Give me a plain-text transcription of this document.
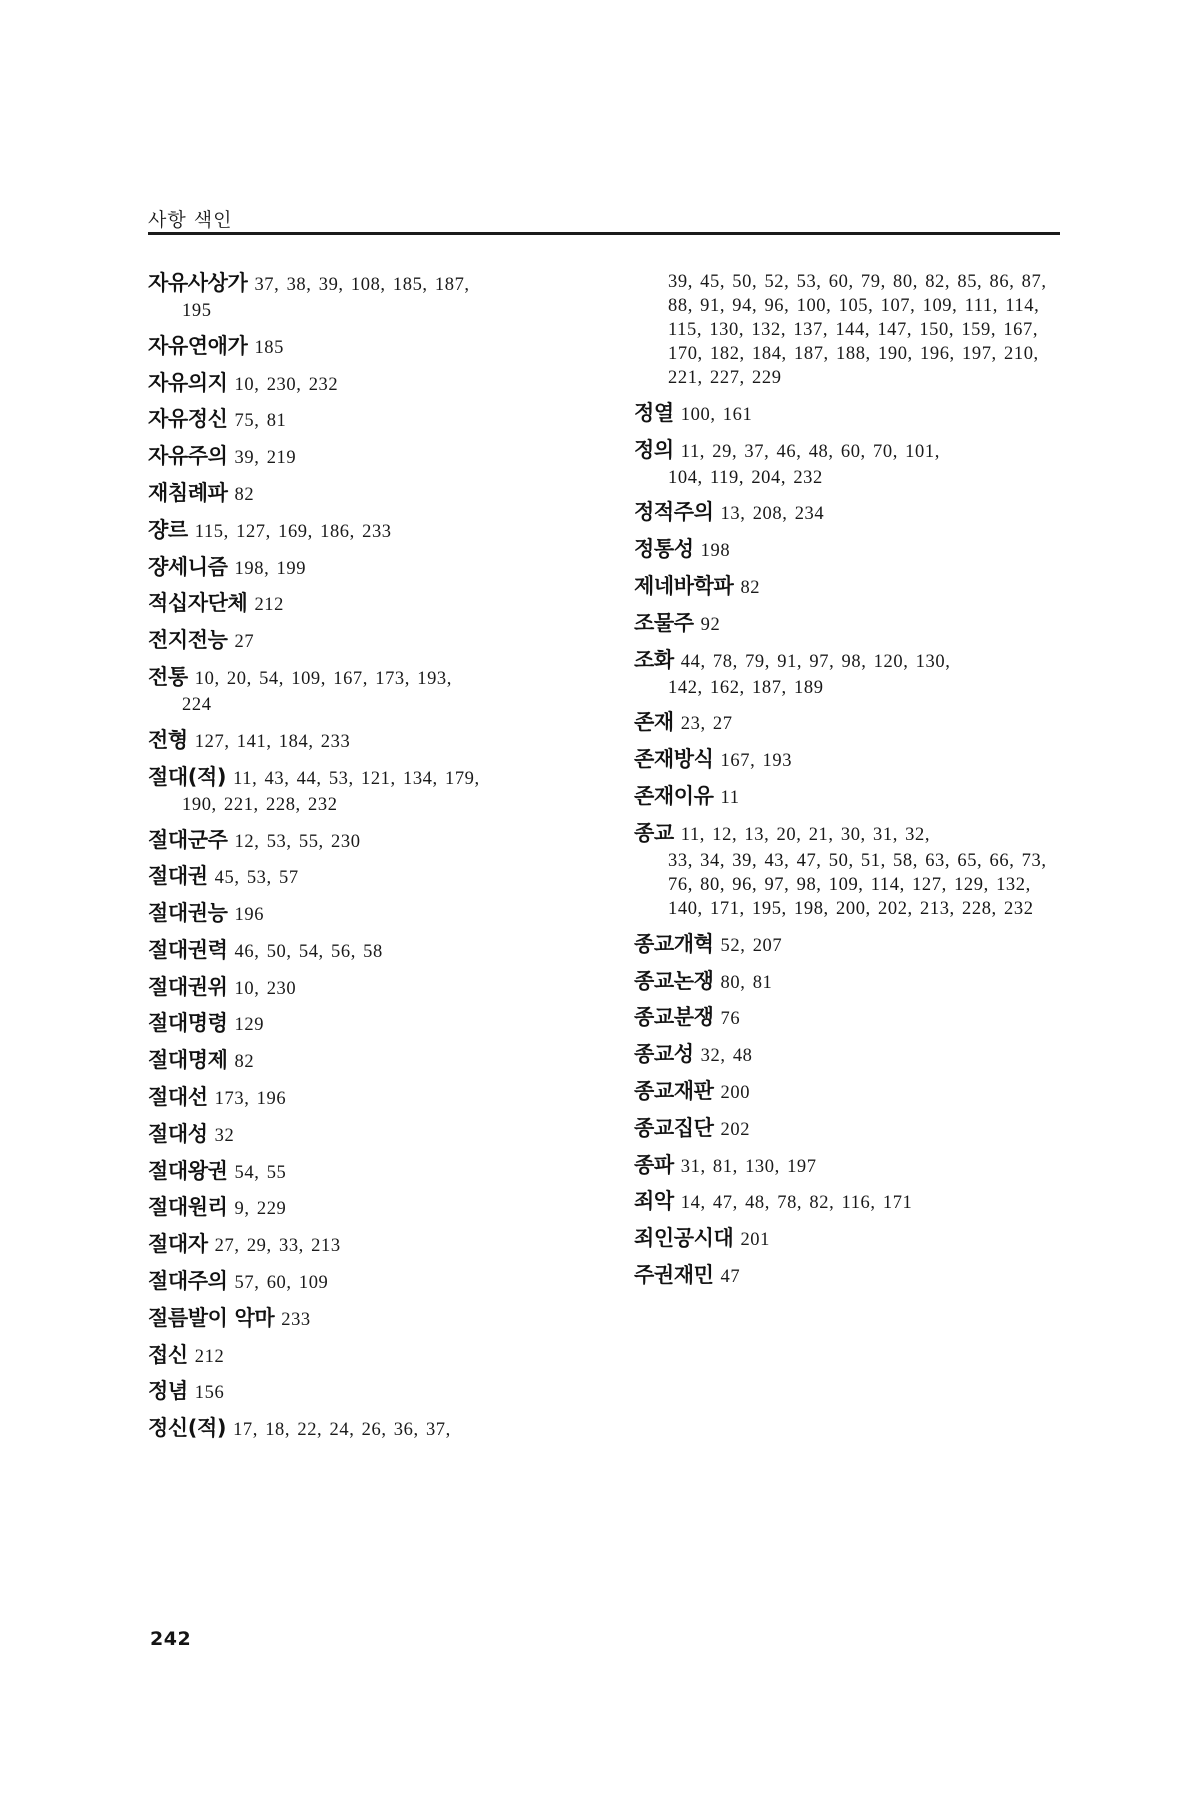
사항 색인
자유사상가 37, 38, 39, 108, 185, 187,
195
자유연애가 185
자유의지 10, 230, 232
자유정신 75, 81
자유주의 39, 219
재침례파 82
쟝르 115, 127, 169, 186, 233
쟝세니즘 198, 199
적십자단체 212
전지전능 27
전통 10, 20, 54, 109, 167, 173, 193,
224
전형 127, 141, 184, 233
절대(적) 11, 43, 44, 53, 121, 134, 179,
190, 221, 228, 232
절대군주 12, 53, 55, 230
절대권 45, 53, 57
절대권능 196
절대권력 46, 50, 54, 56, 58
절대권위 10, 230
절대명령 129
절대명제 82
절대선 173, 196
절대성 32
절대왕권 54, 55
절대원리 9, 229
절대자 27, 29, 33, 213
절대주의 57, 60, 109
절름발이 악마 233
접신 212
정념 156
정신(적) 17, 18, 22, 24, 26, 36, 37,
39, 45, 50, 52, 53, 60, 79, 80, 82, 85, 86, 87, 88, 91, 94, 96, 100, 105, 107, 109, 111, 114, 115, 130, 132, 137, 144, 147, 150, 159, 167, 170, 182, 184, 187, 188, 190, 196, 197, 210, 221, 227, 229
정열 100, 161
정의 11, 29, 37, 46, 48, 60, 70, 101,
104, 119, 204, 232
정적주의 13, 208, 234
정통성 198
제네바학파 82
조물주 92
조화 44, 78, 79, 91, 97, 98, 120, 130,
142, 162, 187, 189
존재 23, 27
존재방식 167, 193
존재이유 11
종교 11, 12, 13, 20, 21, 30, 31, 32,
33, 34, 39, 43, 47, 50, 51, 58, 63, 65, 66, 73, 76, 80, 96, 97, 98, 109, 114, 127, 129, 132, 140, 171, 195, 198, 200, 202, 213, 228, 232
종교개혁 52, 207
종교논쟁 80, 81
종교분쟁 76
종교성 32, 48
종교재판 200
종교집단 202
종파 31, 81, 130, 197
죄악 14, 47, 48, 78, 82, 116, 171
죄인공시대 201
주권재민 47
242
